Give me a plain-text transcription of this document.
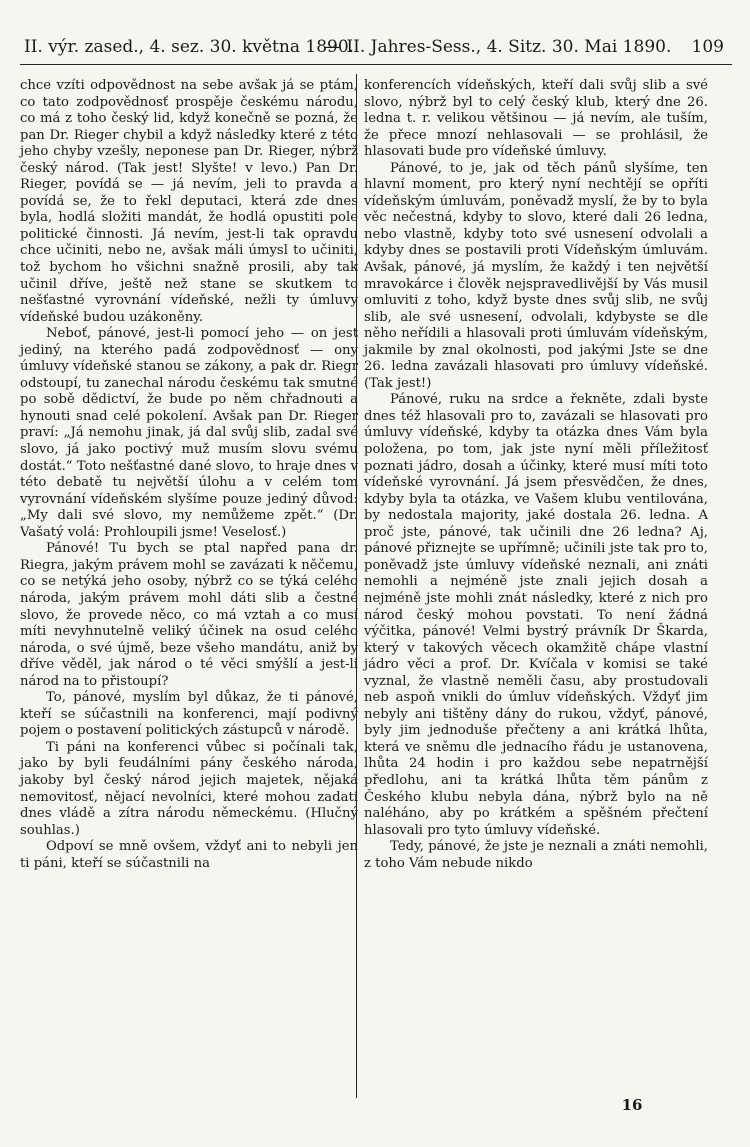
II. výr. zased., 4. sez. 30. května 1890.— II. Jahres-Sess., 4. Sitz. 30. Mai 1890. 109

chce vzíti odpovědnost na sebe avšak já se ptám, co tato zodpovědnosť prospěje českému národu, co má z toho český lid, když konečně se pozná, že pan Dr. Rieger chybil a když následky které z této jeho chyby vzešly, neponese pan Dr. Rieger, nýbrž český národ. (Tak jest! Slyšte! v levo.) Pan Dr. Rieger, povídá se — já nevím, jeli to pravda a povídá se, že to řekl deputaci, která zde dnes byla, hodlá složiti mandát, že hodlá opustiti pole politické činnosti. Já nevím, jest-li tak opravdu chce učiniti, nebo ne, avšak máli úmysl to učiniti, tož bychom ho všichni snažně prosili, aby tak učinil dříve, ještě než stane se skutkem to nešťastné vyrovnání vídeňské, nežli ty úmluvy vídeňské budou uzákoněny.

Neboť, pánové, jest-li pomocí jeho — on jest jediný, na kterého padá zodpovědnosť — ony úmluvy vídeňské stanou se zákony, a pak dr. Riegr odstoupí, tu zanechal národu českému tak smutné po sobě dědictví, že bude po něm chřadnouti a hynouti snad celé pokolení. Avšak pan Dr. Rieger praví: „Já nemohu jinak, já dal svůj slib, zadal své slovo, já jako poctivý muž musím slovu svému dostát.“ Toto nešťastné dané slovo, to hraje dnes v této debatě tu největší úlohu a v celém tom vyrovnání vídeňském slyšíme pouze jediný důvod: „My dali své slovo, my nemůžeme zpět.“ (Dr. Vašatý volá: Prohloupili jsme! Veselosť.)

Pánové! Tu bych se ptal napřed pana dr. Riegra, jakým právem mohl se zavázati k něčemu, co se netýká jeho osoby, nýbrž co se týká celého národa, jakým právem mohl dáti slib a čestné slovo, že provede něco, co má vztah a co musí míti nevyhnutelně veliký účinek na osud celého národa, o své újmě, beze všeho mandátu, aniž by dříve věděl, jak národ o té věci smýšlí a jest-li národ na to přistoupí?

To, pánové, myslím byl důkaz, že ti pánové, kteří se súčastnili na konferenci, mají podivný pojem o postavení politických zástupců v národě.

Ti páni na konferenci vůbec si počínali tak, jako by byli feudálními pány českého národa, jakoby byl český národ jejich majetek, nějaká nemovitosť, nějací nevolníci, které mohou zadati dnes vládě a zítra národu německému. (Hlučný souhlas.)

Odpoví se mně ovšem, vždyť ani to nebyli jen ti páni, kteří se súčastnili na

konferencích vídeňských, kteří dali svůj slib a své slovo, nýbrž byl to celý český klub, který dne 26. ledna t. r. velikou většinou — já nevím, ale tuším, že přece mnozí nehlasovali — se prohlásil, že hlasovati bude pro vídeňské úmluvy.

Pánové, to je, jak od těch pánů slyšíme, ten hlavní moment, pro který nyní nechtějí se opříti vídeňským úmluvám, poněvadž myslí, že by to byla věc nečestná, kdyby to slovo, které dali 26 ledna, nebo vlastně, kdyby toto své usnesení odvolali a kdyby dnes se postavili proti Vídeňským úmluvám. Avšak, pánové, já myslím, že každý i ten největší mravokárce i člověk nejspravedlivější by Vás musil omluviti z toho, když byste dnes svůj slib, ne svůj slib, ale své usnesení, odvolali, kdybyste se dle něho neřídili a hlasovali proti úmluvám vídeňským, jakmile by znal okolnosti, pod jakými Jste se dne 26. ledna zavázali hlasovati pro úmluvy vídeňské. (Tak jest!)

Pánové, ruku na srdce a řekněte, zdali byste dnes též hlasovali pro to, zavázali se hlasovati pro úmluvy vídeňské, kdyby ta otázka dnes Vám byla položena, po tom, jak jste nyní měli příležitosť poznati jádro, dosah a účinky, které musí míti toto vídeňské vyrovnání. Já jsem přesvědčen, že dnes, kdyby byla ta otázka, ve Vašem klubu ventilována, by nedostala majority, jaké dostala 26. ledna. A proč jste, pánové, tak učinili dne 26 ledna? Aj, pánové přiznejte se upřímně; učinili jste tak pro to, poněvadž jste úmluvy vídeňské neznali, ani znáti nemohli a nejméně jste znali jejich dosah a nejméně jste mohli znát následky, které z nich pro národ český mohou povstati. To není žádná výčitka, pánové! Velmi bystrý právník Dr Škarda, který v takových věcech okamžitě chápe vlastní jádro věci a prof. Dr. Kvíčala v komisi se také vyznal, že vlastně neměli času, aby prostudovali neb aspoň vnikli do úmluv vídeňských. Vždyť jim nebyly ani tištěny dány do rukou, vždyť, pánové, byly jim jednoduše přečteny a ani krátká lhůta, která ve sněmu dle jednacího řádu je ustanovena, lhůta 24 hodin i pro každou sebe nepatrnější předlohu, ani ta krátká lhůta těm pánům z Českého klubu nebyla dána, nýbrž bylo na ně naléháno, aby po krátkém a spěšném přečtení hlasovali pro tyto úmluvy vídeňské.

Tedy, pánové, že jste je neznali a znáti nemohli, z toho Vám nebude nikdo

16
